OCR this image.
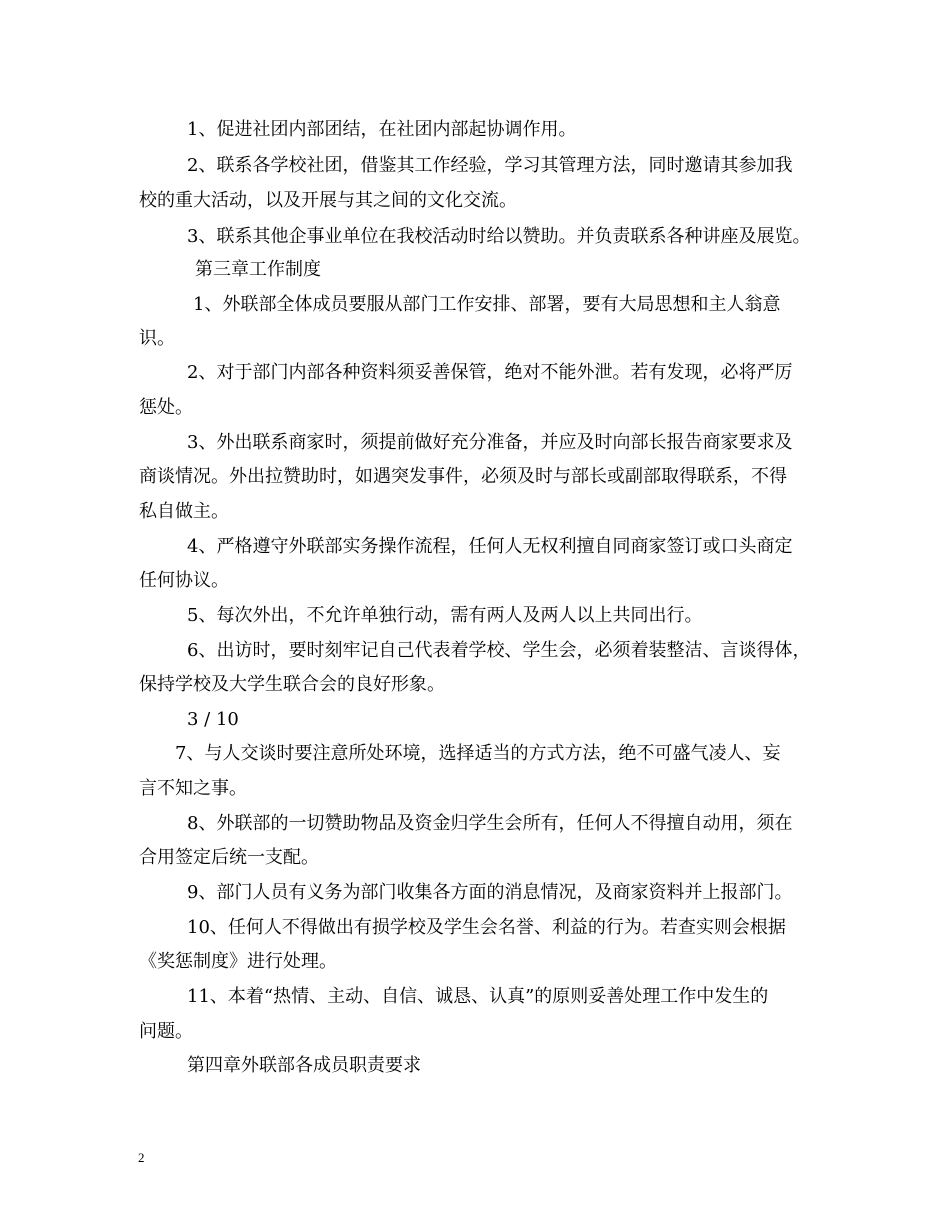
1、促进社团内部团结，在社团内部起协调作用。
2、联系各学校社团，借鉴其工作经验，学习其管理方法，同时邀请其参加我
校的重大活动，以及开展与其之间的文化交流。
3、联系其他企事业单位在我校活动时给以赞助。并负责联系各种讲座及展览。
第三章工作制度
1、外联部全体成员要服从部门工作安排、部署，要有大局思想和主人翁意
识。
2、对于部门内部各种资料须妥善保管，绝对不能外泄。若有发现，必将严厉
惩处。
3、外出联系商家时，须提前做好充分准备，并应及时向部长报告商家要求及
商谈情况。外出拉赞助时，如遇突发事件，必须及时与部长或副部取得联系，不得
私自做主。
4、严格遵守外联部实务操作流程，任何人无权利擅自同商家签订或口头商定
任何协议。
5、每次外出，不允许单独行动，需有两人及两人以上共同出行。
6、出访时，要时刻牢记自己代表着学校、学生会，必须着装整洁、言谈得体，
保持学校及大学生联合会的良好形象。
3 / 10
7、与人交谈时要注意所处环境，选择适当的方式方法，绝不可盛气凌人、妄
言不知之事。
8、外联部的一切赞助物品及资金归学生会所有，任何人不得擅自动用，须在
合用签定后统一支配。
9、部门人员有义务为部门收集各方面的消息情况，及商家资料并上报部门。
10、任何人不得做出有损学校及学生会名誉、利益的行为。若查实则会根据
《奖惩制度》进行处理。
11、本着“热情、主动、自信、诚恳、认真”的原则妥善处理工作中发生的
问题。
第四章外联部各成员职责要求
2
